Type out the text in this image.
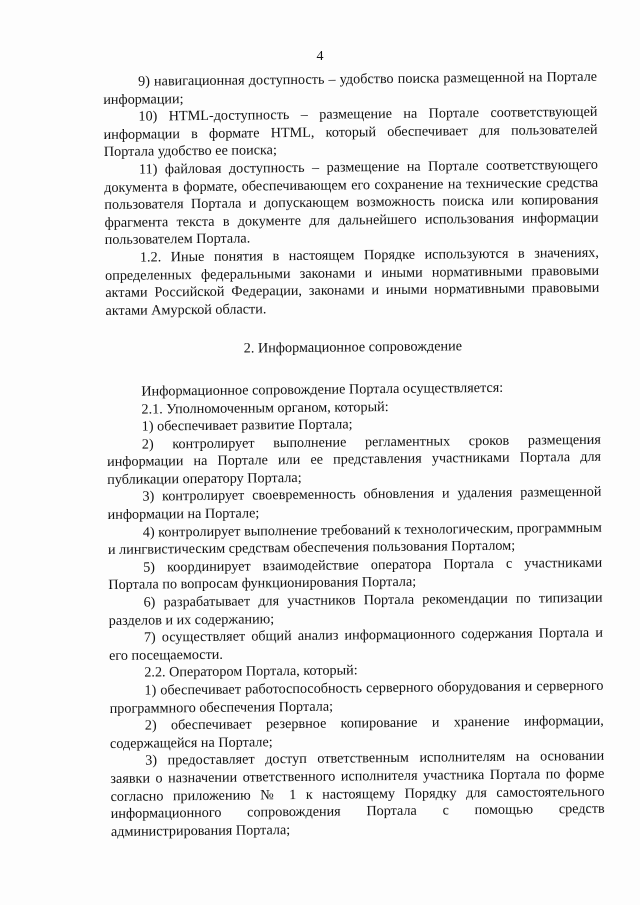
4

9) навигационная доступность – удобство поиска размещенной на Портале информации;

10) HTML-доступность – размещение на Портале соответствующей информации в формате HTML, который обеспечивает для пользователей Портала удобство ее поиска;

11) файловая доступность – размещение на Портале соответствующего документа в формате, обеспечивающем его сохранение на технические средства пользователя Портала и допускающем возможность поиска или копирования фрагмента текста в документе для дальнейшего использования информации пользователем Портала.

1.2. Иные понятия в настоящем Порядке используются в значениях, определенных федеральными законами и иными нормативными правовыми актами Российской Федерации, законами и иными нормативными правовыми актами Амурской области.

2. Информационное сопровождение

Информационное сопровождение Портала осуществляется:

2.1. Уполномоченным органом, который:

1) обеспечивает развитие Портала;

2) контролирует выполнение регламентных сроков размещения информации на Портале или ее представления участниками Портала для публикации оператору Портала;

3) контролирует своевременность обновления и удаления размещенной информации на Портале;

4) контролирует выполнение требований к технологическим, программным и лингвистическим средствам обеспечения пользования Порталом;

5) координирует взаимодействие оператора Портала с участниками Портала по вопросам функционирования Портала;

6) разрабатывает для участников Портала рекомендации по типизации разделов и их содержанию;

7) осуществляет общий анализ информационного содержания Портала и его посещаемости.

2.2. Оператором Портала, который:

1) обеспечивает работоспособность серверного оборудования и серверного программного обеспечения Портала;

2) обеспечивает резервное копирование и хранение информации, содержащейся на Портале;

3) предоставляет доступ ответственным исполнителям на основании заявки о назначении ответственного исполнителя участника Портала по форме согласно приложению № 1 к настоящему Порядку для самостоятельного информационного сопровождения Портала с помощью средств администрирования Портала;
